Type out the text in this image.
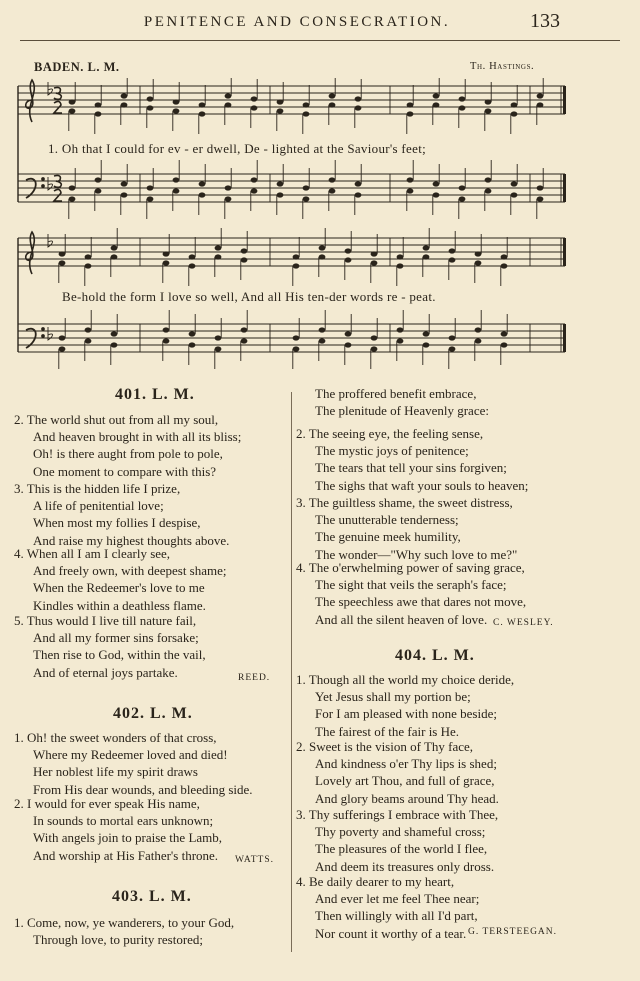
PENITENCE AND CONSECRATION.	133
BADEN. L. M.	Th. Hastings.
1. Oh that I could for ev - er dwell, De - lighted at the Saviour's feet;
Be-hold the form I love so well, And all His ten-der words re - peat.
401. L. M.
2. The world shut out from all my soul,
And heaven brought in with all its bliss;
Oh! is there aught from pole to pole,
One moment to compare with this?
3. This is the hidden life I prize,
A life of penitential love;
When most my follies I despise,
And raise my highest thoughts above.
4. When all I am I clearly see,
And freely own, with deepest shame;
When the Redeemer's love to me
Kindles within a deathless flame.
5. Thus would I live till nature fail,
And all my former sins forsake;
Then rise to God, within the vail,
And of eternal joys partake.	REED.
402. L. M.
1. Oh! the sweet wonders of that cross,
Where my Redeemer loved and died!
Her noblest life my spirit draws
From His dear wounds, and bleeding side.
2. I would for ever speak His name,
In sounds to mortal ears unknown;
With angels join to praise the Lamb,
And worship at His Father's throne.	WATTS.
403. L. M.
1. Come, now, ye wanderers, to your God,
Through love, to purity restored;
The proffered benefit embrace,
The plenitude of Heavenly grace:
2. The seeing eye, the feeling sense,
The mystic joys of penitence;
The tears that tell your sins forgiven;
The sighs that waft your souls to heaven;
3. The guiltless shame, the sweet distress,
The unutterable tenderness;
The genuine meek humility,
The wonder—"Why such love to me?"
4. The o'erwhelming power of saving grace,
The sight that veils the seraph's face;
The speechless awe that dares not move,
And all the silent heaven of love. C. WESLEY.
404. L. M.
1. Though all the world my choice deride,
Yet Jesus shall my portion be;
For I am pleased with none beside;
The fairest of the fair is He.
2. Sweet is the vision of Thy face,
And kindness o'er Thy lips is shed;
Lovely art Thou, and full of grace,
And glory beams around Thy head.
3. Thy sufferings I embrace with Thee,
Thy poverty and shameful cross;
The pleasures of the world I flee,
And deem its treasures only dross.
4. Be daily dearer to my heart,
And ever let me feel Thee near;
Then willingly with all I'd part,
Nor count it worthy of a tear. G. TERSTEEGAN.
